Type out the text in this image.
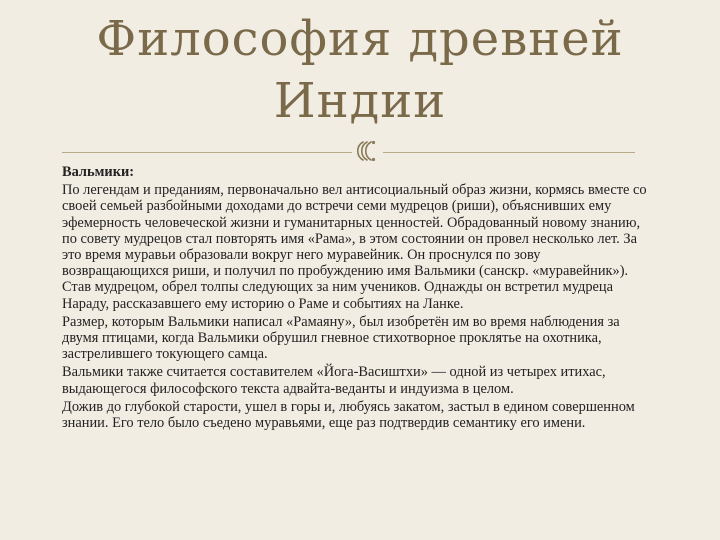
Философия древней Индии

Вальмики:

По легендам и преданиям, первоначально вел антисоциальный образ жизни, кормясь вместе со своей семьей разбойными доходами до встречи семи мудрецов (риши), объяснивших ему эфемерность человеческой жизни и гуманитарных ценностей. Обрадованный новому знанию, по совету мудрецов стал повторять имя «Рама», в этом состоянии он провел несколько лет. За это время муравьи образовали вокруг него муравейник. Он проснулся по зову возвращающихся риши, и получил по пробуждению имя Вальмики (санскр. «муравейник»). Став мудрецом, обрел толпы следующих за ним учеников. Однажды он встретил мудреца Нараду, рассказавшего ему историю о Раме и событиях на Ланке.

Размер, которым Вальмики написал «Рамаяну», был изобретён им во время наблюдения за двумя птицами, когда Вальмики обрушил гневное стихотворное проклятье на охотника, застрелившего токующего самца.

Вальмики также считается составителем «Йога-Васиштхи» — одной из четырех итихас, выдающегося философского текста адвайта-веданты и индуизма в целом.

Дожив до глубокой старости, ушел в горы и, любуясь закатом, застыл в едином совершенном знании. Его тело было съедено муравьями, еще раз подтвердив семантику его имени.
